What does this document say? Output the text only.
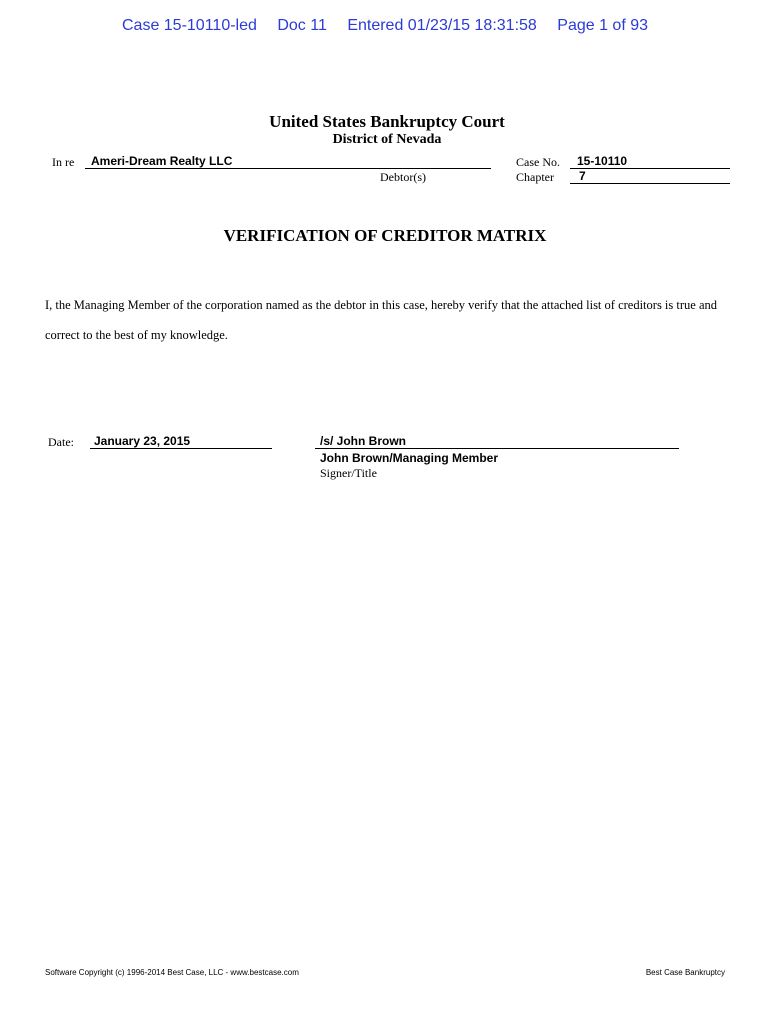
Case 15-10110-led Doc 11 Entered 01/23/15 18:31:58 Page 1 of 93
United States Bankruptcy Court
District of Nevada
In re Ameri-Dream Realty LLC
Debtor(s)
Case No. 15-10110
Chapter 7
VERIFICATION OF CREDITOR MATRIX
I, the Managing Member of the corporation named as the debtor in this case, hereby verify that the attached list of creditors is true and correct to the best of my knowledge.
Date: January 23, 2015	/s/ John Brown
John Brown/Managing Member
Signer/Title
Software Copyright (c) 1996-2014 Best Case, LLC - www.bestcase.com	Best Case Bankruptcy
